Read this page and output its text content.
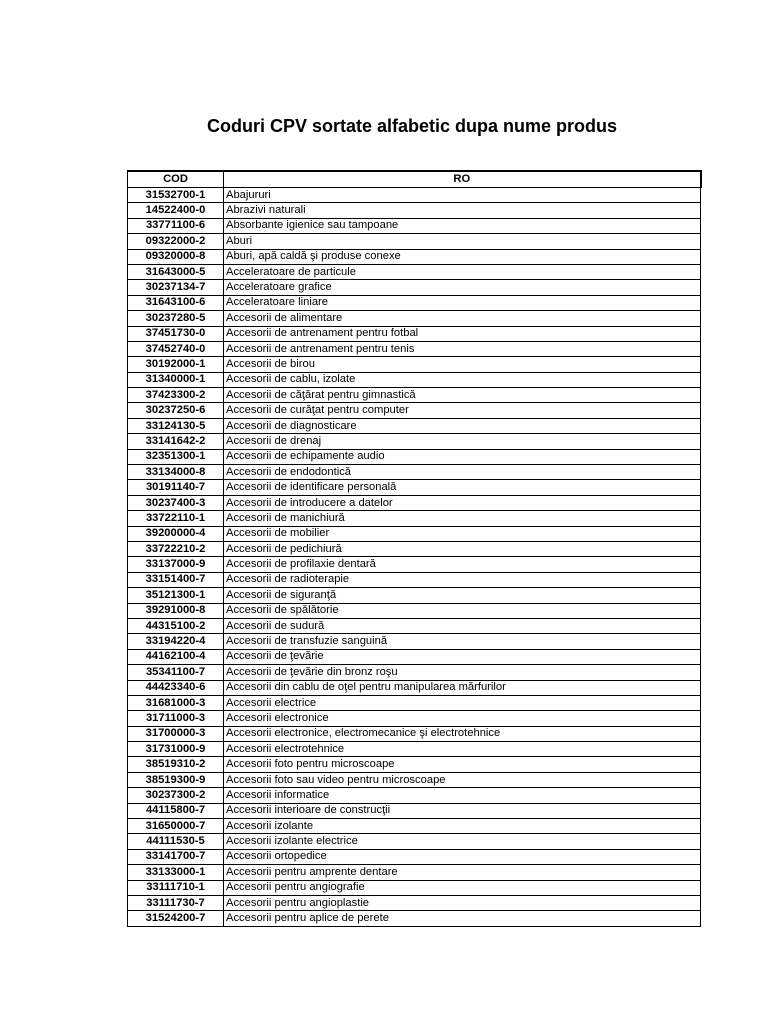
Coduri CPV sortate alfabetic dupa nume produs
COD	RO
31532700-1	Abajururi
14522400-0	Abrazivi naturali
33771100-6	Absorbante igienice sau tampoane
09322000-2	Aburi
09320000-8	Aburi, apă caldă şi produse conexe
31643000-5	Acceleratoare de particule
30237134-7	Acceleratoare grafice
31643100-6	Acceleratoare liniare
30237280-5	Accesorii de alimentare
37451730-0	Accesorii de antrenament pentru fotbal
37452740-0	Accesorii de antrenament pentru tenis
30192000-1	Accesorii de birou
31340000-1	Accesorii de cablu, izolate
37423300-2	Accesorii de căţărat pentru gimnastică
30237250-6	Accesorii de curăţat pentru computer
33124130-5	Accesorii de diagnosticare
33141642-2	Accesorii de drenaj
32351300-1	Accesorii de echipamente audio
33134000-8	Accesorii de endodontică
30191140-7	Accesorii de identificare personală
30237400-3	Accesorii de introducere a datelor
33722110-1	Accesorii de manichiură
39200000-4	Accesorii de mobilier
33722210-2	Accesorii de pedichiură
33137000-9	Accesorii de profilaxie dentară
33151400-7	Accesorii de radioterapie
35121300-1	Accesorii de siguranţă
39291000-8	Accesorii de spălătorie
44315100-2	Accesorii de sudură
33194220-4	Accesorii de transfuzie sanguină
44162100-4	Accesorii de ţevărie
35341100-7	Accesorii de ţevărie din bronz roşu
44423340-6	Accesorii din cablu de oţel pentru manipularea mărfurilor
31681000-3	Accesorii electrice
31711000-3	Accesorii electronice
31700000-3	Accesorii electronice, electromecanice şi electrotehnice
31731000-9	Accesorii electrotehnice
38519310-2	Accesorii foto pentru microscoape
38519300-9	Accesorii foto sau video pentru microscoape
30237300-2	Accesorii informatice
44115800-7	Accesorii interioare de construcţii
31650000-7	Accesorii izolante
44111530-5	Accesorii izolante electrice
33141700-7	Accesorii ortopedice
33133000-1	Accesorii pentru amprente dentare
33111710-1	Accesorii pentru angiografie
33111730-7	Accesorii pentru angioplastie
31524200-7	Accesorii pentru aplice de perete
